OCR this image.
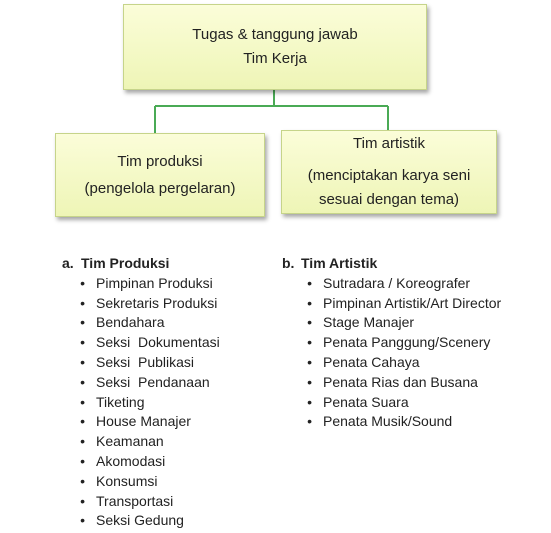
Tugas & tanggung jawab
Tim Kerja
Tim produksi
(pengelola pergelaran)
Tim artistik
(menciptakan karya seni
sesuai dengan tema)
a. Tim Produksi
• Pimpinan Produksi
• Sekretaris Produksi
• Bendahara
• Seksi  Dokumentasi
• Seksi  Publikasi
• Seksi  Pendanaan
• Tiketing
• House Manajer
• Keamanan
• Akomodasi
• Konsumsi
• Transportasi
• Seksi Gedung
b. Tim Artistik
• Sutradara / Koreografer
• Pimpinan Artistik/Art Director
• Stage Manajer
• Penata Panggung/Scenery
• Penata Cahaya
• Penata Rias dan Busana
• Penata Suara
• Penata Musik/Sound
